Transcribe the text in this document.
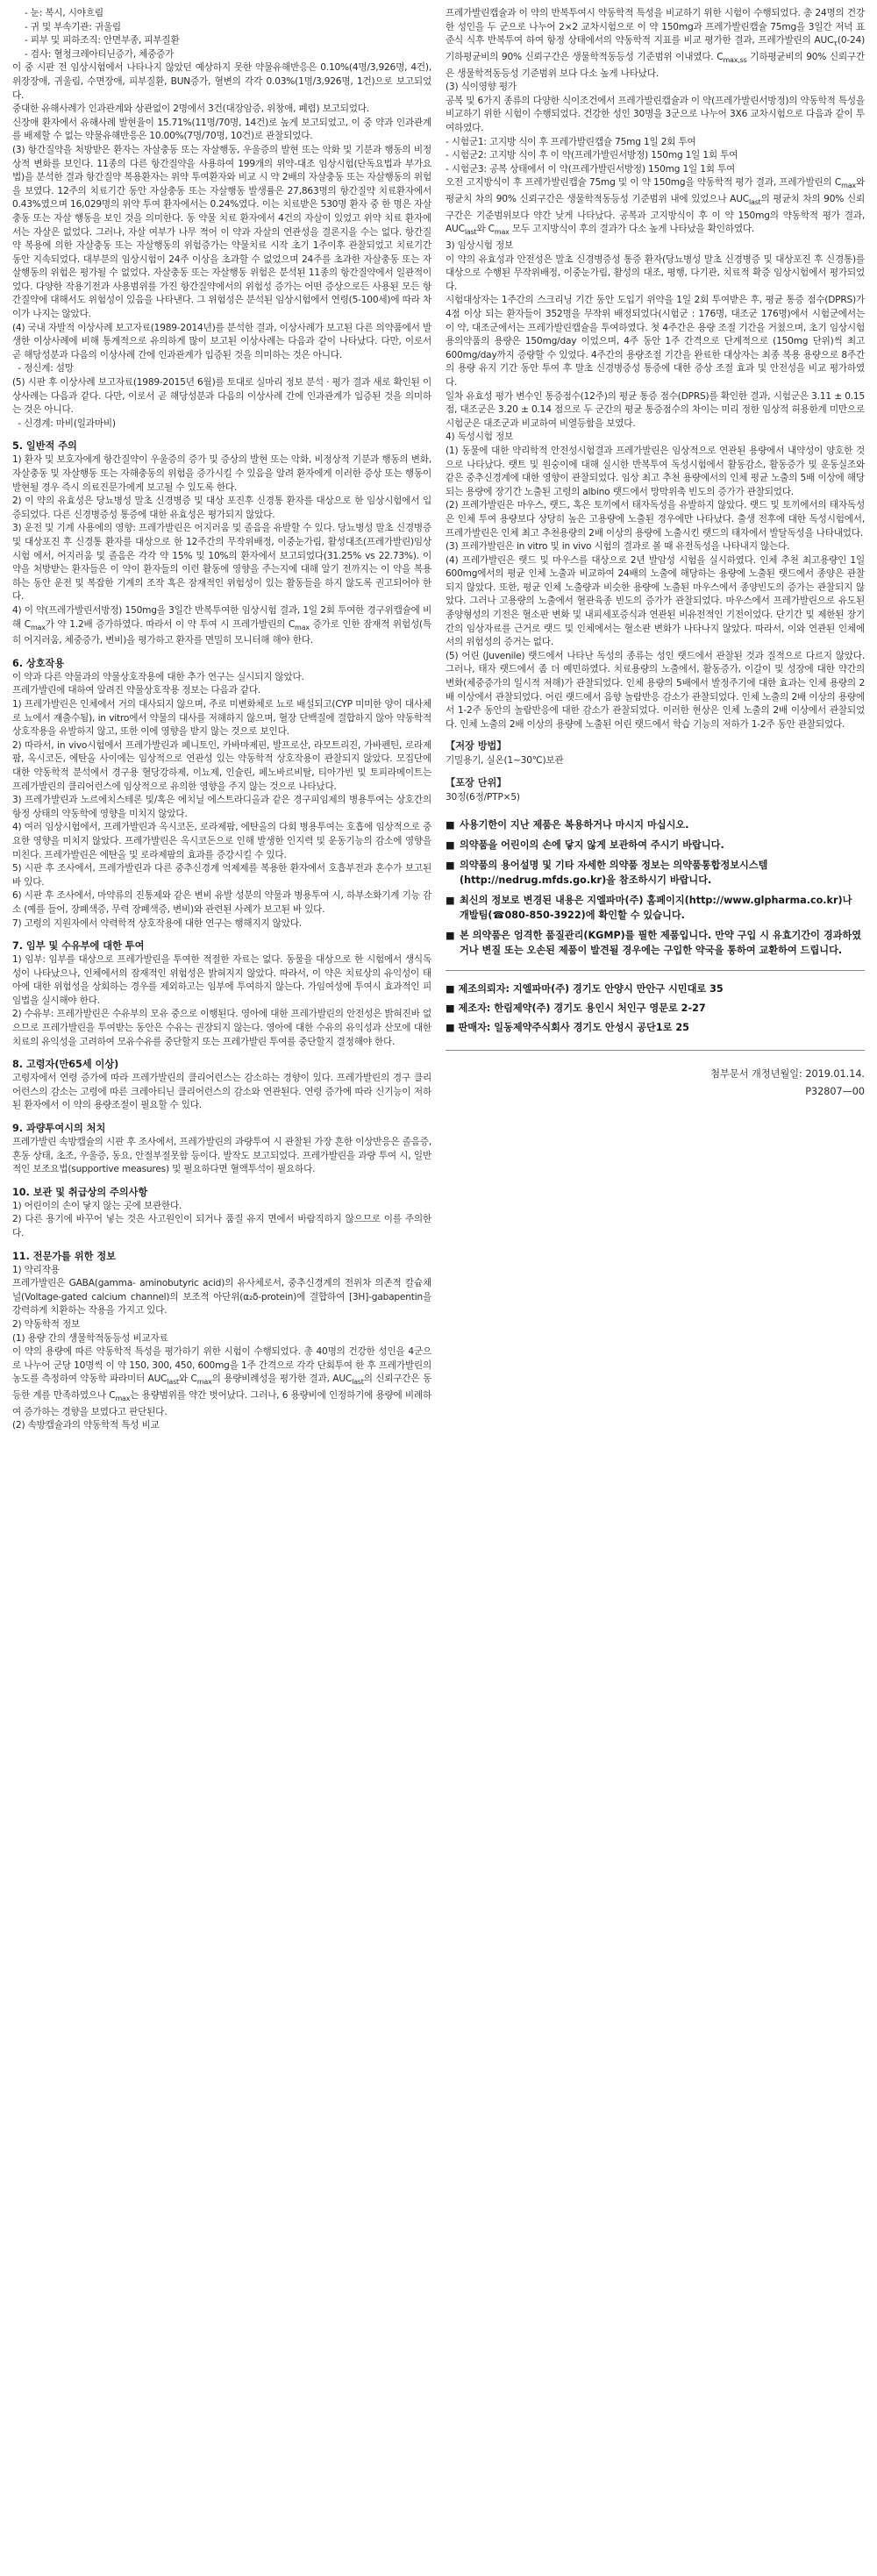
- 눈: 복시, 시야흐림

- 귀 및 부속기관: 귀울림

- 피부 및 피하조직: 안면부종, 피부질환

- 검사: 혈청크레아티닌증가, 체중증가

이 중 시판 전 임상시험에서 나타나지 않았던 예상하지 못한 약물유해반응은 0.10%(4명/3,926명, 4건), 위장장애, 귀울림, 수면장애, 피부질환, BUN증가, 혈변의 각각 0.03%(1명/3,926명, 1건)으로 보고되었다.
중대한 유해사례가 인과관계와 상관없이 2명에서 3건(대장암증, 위창애, 폐렴) 보고되었다.
신장애 환자에서 유해사례 발현율이 15.71%(11명/70명, 14건)로 높게 보고되었고, 이 중 약과 인과관계를 배제할 수 없는 약물유해반응은 10.00%(7명/70명, 10건)로 관찰되었다.

(3) 항간질약을 처방받은 환자는 자살충동 또는 자살행동, 우울증의 발현 또는 악화 및 기분과 행동의 비정상적 변화를 보인다. 11종의 다른 항간질약을 사용하여 199개의 위약-대조 임상시험(단독요법과 부가요법)을 분석한 결과 항간질약 복용환자는 위약 투여환자와 비교 시 약 2배의 자살충동 또는 자살행동의 위험을 보였다. 12주의 치료기간 동안 자살충동 또는 자살행동 발생률은 27,863명의 항간질약 치료환자에서 0.43%였으며 16,029명의 위약 투여 환자에서는 0.24%였다. 이는 치료받은 530명 환자 중 한 명은 자살 충동 또는 자살 행동을 보인 것을 의미한다. 동 약물 치료 환자에서 4건의 자살이 있었고 위약 치료 환자에서는 자살은 없었다. 그러나, 자살 여부가 나무 적어 이 약과 자살의 연관성을 결론지을 수는 없다. 항간질약 복용에 의한 자살충동 또는 자살행동의 위험증가는 약물치료 시작 초기 1주이후 관찰되었고 치료기간 동안 지속되었다. 대부분의 임상시험이 24주 이상을 초과할 수 없었으며 24주를 초과한 자살충동 또는 자살행동의 위험은 평가될 수 없었다. 자살충동 또는 자살행동 위험은 분석된 11종의 항간질약에서 일관적이었다. 다양한 작용기전과 사용범위를 가진 항간질약에서의 위험성 증가는 어떤 증상으로든 사용된 모든 항간질약에 대해서도 위험성이 있음을 나타낸다. 그 위험성은 분석된 임상시험에서 연령(5-100세)에 따라 차이가 나지는 않았다.

(4) 국내 자발적 이상사례 보고자료(1989-2014년)를 분석한 결과, 이상사례가 보고된 다른 의약품에서 발생한 이상사례에 비해 통계적으로 유의하게 많이 보고된 이상사례는 다음과 같이 나타났다. 다만, 이로서 곧 해당성분과 다음의 이상사례 간에 인과관계가 입증된 것을 의미하는 것은 아니다.
- 정신계: 섬망

(5) 시판 후 이상사례 보고자료(1989-2015년 6월)를 토대로 실마리 정보 분석 · 평가 결과 새로 확인된 이상사례는 다음과 같다. 다만, 이로서 곧 해당성분과 다음의 이상사례 간에 인과관계가 입증된 것을 의미하는 것은 아니다.
- 신경계: 마비(일과마비)

5. 일반적 주의

1) 환자 및 보호자에게 항간질약이 우울증의 증가 및 증상의 발현 또는 악화, 비정상적 기분과 행동의 변화, 자살충동 및 자살행동 또는 자해충동의 위험을 증가시킬 수 있음을 알려 환자에게 이러한 증상 또는 행동이 발현될 경우 즉시 의료진문가에게 보고될 수 있도록 한다.

2) 이 약의 유효성은 당뇨병성 말초 신경병증 및 대상 포진후 신경통 환자를 대상으로 한 임상시험에서 입증되었다. 다른 신경병증성 통증에 대한 유효성은 평가되지 않았다.

3) 운전 및 기계 사용에의 영향: 프레가발린은 어지러움 및 졸음을 유발할 수 있다. 당뇨병성 말초 신경병증 및 대상포진 후 신경통 환자를 대상으로 한 12주간의 무작위배정, 이중눈가림, 활성대조(프레가발린)임상시험 에서, 어지러움 및 졸음은 각각 약 15% 및 10%의 환자에서 보고되었다(31.25% vs 22.73%). 이 약을 처방받는 환자들은 이 약이 환자들의 이런 활동에 영향을 주는지에 대해 알기 전까지는 이 약을 복용하는 동안 운전 및 복잡한 기계의 조작 혹은 잠재적인 위험성이 있는 활동들을 하지 않도록 권고되어야 한다.

4) 이 약(프레가발린서방정) 150mg을 3일간 반복투여한 임상시험 결과, 1일 2회 투여한 경구위캡슐에 비해 $C_{max}$가 약 1.2배 증가하였다. 따라서 이 약 투여 시 프레가발린의 $C_{max}$ 증가로 인한 잠재적 위험성(특히 어지러움, 체중증가, 변비)을 평가하고 환자를 면밀히 모니터해 해야 한다.

6. 상호작용

이 약과 다른 약물과의 약물상호작용에 대한 추가 연구는 실시되지 않았다.
프레가발린에 대하여 알려진 약물상호작용 정보는 다음과 같다.

1) 프레가발린은 인체에서 거의 대사되지 않으며, 주로 미변화체로 뇨로 배설되고(CYP 미미한 양이 대사체로 뇨에서 재출수됨), in vitro에서 약물의 대사를 저해하지 않으며, 혈장 단백질에 결합하지 않아 약동학적 상호작용을 유발하지 않고, 또한 이에 영향을 받지 않는 것으로 보인다.

2) 따라서, in vivo시험에서 프레가발린과 페니토인, 카바마제핀, 발프로산, 라모트리진, 가바펜틴, 로라제팜, 옥시코돈, 에탄올 사이에는 임상적으로 연관성 있는 약동학적 상호작용이 관찰되지 않았다. 모집단에 대한 약동학적 분석에서 경구용 혈당강하제, 이뇨제, 인슐린, 페노바르비탈, 티아가빈 및 토피라메이트는 프레가발린의 클리어런스에 임상적으로 유의한 영향을 주지 않는 것으로 나타났다.

3) 프레가발린과 노르에치스테론 및/혹은 에치닐 에스트라디올과 같은 경구피임제의 병용투여는 상호간의 항정 상태의 약동학에 영향을 미치지 않았다.

4) 여러 임상시험에서, 프레가발린과 옥시코돈, 로라제팜, 에탄올의 다회 병용투여는 호흡에 임상적으로 중요한 영향을 미치지 않았다. 프레가발린은 옥시코돈으로 인해 발생한 인지력 및 운동기능의 감소에 영향을 미친다. 프레가발린은 에탄올 및 로라제팜의 효과를 증강시킬 수 있다.

5) 시판 후 조사에서, 프레가발린과 다른 중추신경계 억제제를 복용한 환자에서 호흡부전과 혼수가 보고된 바 있다.

6) 시판 후 조사에서, 마약류의 진통제와 같은 변비 유발 성분의 약물과 병용투여 시, 하부소화기계 기능 감소 (예를 들어, 장폐색증, 무력 장폐색증, 변비)와 관련된 사례가 보고된 바 있다.

7) 고령의 지원자에서 약력학적 상호작용에 대한 연구는 행해지지 않았다.

7. 임부 및 수유부에 대한 투여

1) 임부: 임부를 대상으로 프레가발린을 투여한 적절한 자료는 없다. 동물을 대상으로 한 시험에서 생식독성이 나타났으나, 인체에서의 잠재적인 위험성은 밝혀지지 않았다. 따라서, 이 약은 치료상의 유익성이 태아에 대한 위험성을 상회하는 경우를 제외하고는 임부에 투여하지 않는다. 가임여성에 투여시 효과적인 피임법을 실시해야 한다.

2) 수유부: 프레가발린은 수유부의 모유 중으로 이행된다. 영아에 대한 프레가발린의 안전성은 밝혀진바 없으므로 프레가발린을 투여받는 동안은 수유는 권장되지 않는다. 영아에 대한 수유의 유익성과 산모에 대한 치료의 유익성을 고려하여 모유수유를 중단할지 또는 프레가발린 투여를 중단할지 결정해야 한다.

8. 고령자(만65세 이상)

고령자에서 연령 증가에 따라 프레가발린의 클리어런스는 감소하는 경향이 있다. 프레가발린의 경구 클리어런스의 감소는 고령에 따른 크레아티닌 클리어런스의 감소와 연관된다. 연령 증가에 따라 신기능이 저하된 환자에서 이 약의 용량조절이 필요할 수 있다.

9. 과량투여시의 처치

프레가발린 속방캡슐의 시판 후 조사에서, 프레가발린의 과량투여 시 관찰된 가장 흔한 이상반응은 졸음증, 혼동 상태, 초조, 우울증, 동요, 안절부절못함 등이다. 발작도 보고되었다. 프레가발린을 과량 투여 시, 일반적인 보조요법(supportive measures) 및 필요하다면 혈액투석이 필요하다.

10. 보관 및 취급상의 주의사항

1) 어린이의 손이 닿지 않는 곳에 보관한다.

2) 다른 용기에 바꾸어 넣는 것은 사고원인이 되거나 품질 유지 면에서 바람직하지 않으므로 이를 주의한다.

11. 전문가를 위한 정보

1) 약리작용

프레가발린은 GABA(gamma- aminobutyric acid)의 유사체로서, 중추신경계의 전위차 의존적 칼슘채널(Voltage-gated calcium channel)의 보조적 아단위(α₂δ-protein)에 결합하여 [3H]-gabapentin을 강력하게 치환하는 작용을 가지고 있다.

2) 약동학적 정보

(1) 용량 간의 생물학적동등성 비교자료

이 약의 용량에 따른 약동학적 특성을 평가하기 위한 시험이 수행되었다. 총 40명의 건강한 성인을 4군으로 나누어 군당 10명씩 이 약 150, 300, 450, 600mg을 1주 간격으로 각각 단회투여 한 후 프레가발린의 농도를 측정하여 약동학 파라미터 $AUC_{last}$와 $C_{max}$의 용량비례성을 평가한 결과, $AUC_{last}$의 신뢰구간은 동등한 계를 만족하였으나 $C_{max}$는 용량범위를 약간 벗어났다. 그러나, 6 용량비에 인정하기에 용량에 비례하여 증가하는 경향을 보였다고 판단된다.

(2) 속방캡슐과의 약동학적 특성 비교

프레가발린캡슐과 이 약의 반복투여시 약동학적 특성을 비교하기 위한 시험이 수행되었다. 총 24명의 건강한 성인을 두 군으로 나누어 2×2 교차시험으로 이 약 150mg과 프레가발린캡슐 75mg을 3일간 저녁 표준식 식후 반복투여 하여 항정 상태에서의 약동학적 지표를 비교 평가한 결과, 프레가발린의 $AUC_\tau(0-24)$ 기하평균비의 90% 신뢰구간은 생물학적동등성 기준범위 이내였다. $C_{max,ss}$ 기하평균비의 90% 신뢰구간은 생물학적동등성 기준범위 보다 다소 높게 나타났다.

(3) 식이영향 평가

공복 및 6가지 종류의 다양한 식이조건에서 프레가발린캡슐과 이 약(프레가발린서방정)의 약동학적 특성을 비교하기 위한 시험이 수행되었다. 건강한 성인 30명을 3군으로 나누어 3X6 교차시험으로 다음과 같이 투여하였다.

- 시험군1: 고지방 식이 후 프레가발린캡슐 75mg 1일 2회 투여

- 시험군2: 고지방 식이 후 이 약(프레가발린서방정) 150mg 1일 1회 투여

- 시험군3: 공복 상태에서 이 약(프레가발린서방정) 150mg 1일 1회 투여

오전 고지방식이 후 프레가발린캡슐 75mg 및 이 약 150mg을 약동학적 평가 결과, 프레가발린의 $C_{max}$와 평균치 차의 90% 신뢰구간은 생물학적동등성 기준범위 내에 있었으나 $AUC_{last}$의 평균치 차의 90% 신뢰구간은 기준범위보다 약간 낮게 나타났다. 공복과 고지방식이 후 이 약 150mg의 약동학적 평가 결과, $AUC_{last}$와 $C_{max}$ 모두 고지방식이 후의 결과가 다소 높게 나타났을 확인하였다.

3) 임상시험 정보

이 약의 유효성과 안전성은 말초 신경병증성 통증 환자(당뇨병성 말초 신경병증 및 대상포진 후 신경통)를 대상으로 수행된 무작위배정, 이중눈가림, 활성의 대조, 평행, 다기관, 치료적 확증 임상시험에서 평가되었다.
시험대상자는 1주간의 스크리닝 기간 동안 도입기 위약을 1일 2회 투여받은 후, 평균 통증 점수(DPRS)가 4점 이상 되는 환자들이 352명을 무작위 배정되었다(시험군 : 176명, 대조군 176명)에서 시험군에서는 이 약, 대조군에서는 프레가발린캡슐을 투여하였다. 첫 4주간은 용량 조절 기간을 거쳤으며, 초기 임상시험용의약품의 용량은 150mg/day 이었으며, 4주 동안 1주 간격으로 단계적으로 (150mg 단위)씩 최고 600mg/day까지 증량할 수 있었다. 4주간의 용량조절 기간을 완료한 대상자는 최종 복용 용량으로 8주간의 용량 유지 기간 동안 투여 후 말초 신경병증성 통증에 대한 증상 조절 효과 및 안전성을 비교 평가하였다.
일차 유효성 평가 변수인 통증점수(12주)의 평균 통증 점수(DPRS)를 확인한 결과, 시험군은 3.11 ± 0.15 점, 대조군은 3.20 ± 0.14 점으로 두 군간의 평균 통증점수의 차이는 미리 정한 임상적 허용한계 미만으로 시험군은 대조군과 비교하여 비열등함을 보였다.

4) 독성시험 정보

(1) 동물에 대한 약리학적 안전성시험결과 프레가발린은 임상적으로 연관된 용량에서 내약성이 양호한 것으로 나타났다. 랫트 및 원숭이에 대해 실시한 반복투여 독성시험에서 활동감소, 활동증가 및 운동실조와 같은 중추신경계에 대한 영향이 관찰되었다. 임상 최고 추천 용량에서의 인체 평균 노출의 5배 이상에 해당되는 용량에 장기간 노출된 고령의 albino 랫드에서 망막위축 빈도의 증가가 관찰되었다.

(2) 프레가발린은 마우스, 랫드, 혹은 토끼에서 태자독성을 유발하지 않았다. 랫드 및 토끼에서의 태자독성은 인체 투여 용량보다 상당히 높은 고용량에 노출된 경우에만 나타났다. 출생 전후에 대한 독성시험에서, 프레가발린은 인체 최고 추천용량의 2배 이상의 용량에 노출시킨 랫드의 태자에서 발달독성을 나타내었다.

(3) 프레가발린은 in vitro 및 in vivo 시험의 결과로 볼 때 유전독성을 나타내지 않는다.

(4) 프레가발린은 랫드 및 마우스를 대상으로 2년 발암성 시험을 실시하였다. 인체 추천 최고용량인 1일 600mg에서의 평균 인체 노출과 비교하여 24배의 노출에 해당하는 용량에 노출된 랫드에서 종양은 관찰되지 않았다. 또한, 평균 인체 노출량과 비슷한 용량에 노출된 마우스에서 종양빈도의 증가는 관찰되지 않았다. 그러나 고용량의 노출에서 혈관육종 빈도의 증가가 관찰되었다. 마우스에서 프레가발린으로 유도된 종양형성의 기전은 혈소판 변화 및 내피세포증식과 연관된 비유전적인 기전이었다. 단기간 및 제한된 장기간의 임상자료를 근거로 랫드 및 인체에서는 혈소판 변화가 나타나지 않았다. 따라서, 이와 연관된 인체에서의 위험성의 증거는 없다.

(5) 어린 (Juvenile) 랫드에서 나타난 독성의 종류는 성인 랫드에서 관찰된 것과 질적으로 다르지 않았다. 그러나, 태자 랫드에서 좀 더 예민하였다. 치료용량의 노출에서, 활동증가, 이갈이 및 성장에 대한 약간의 변화(체중증가의 일시적 저해)가 관찰되었다. 인체 용량의 5배에서 발정주기에 대한 효과는 인체 용량의 2배 이상에서 관찰되었다. 어린 랫드에서 음향 놀람반응 감소가 관찰되었다. 인체 노출의 2배 이상의 용량에서 1-2주 동안의 놀람반응에 대한 감소가 관찰되었다. 이러한 현상은 인체 노출의 2배 이상에서 관찰되었다. 인체 노출의 2배 이상의 용량에 노출된 어린 랫드에서 학습 기능의 저하가 1-2주 동안 관찰되었다.

【저장 방법】
기밀용기, 실온(1~30℃)보관
【포장 단위】
30정(6정/PTP×5)
■ 사용기한이 지난 제품은 복용하거나 마시지 마십시오.
■ 의약품을 어린이의 손에 닿지 않게 보관하여 주시기 바랍니다.
■ 의약품의 용어설명 및 기타 자세한 의약품 정보는 의약품통합정보시스템(http://nedrug.mfds.go.kr)을 참조하시기 바랍니다.
■ 최신의 정보로 변경된 내용은 지엘파마(주) 홈페이지(http://www.glpharma.co.kr)나 개발팀(☎080-850-3922)에 확인할 수 있습니다.
■ 본 의약품은 엄격한 품질관리(KGMP)를 필한 제품입니다. 만약 구입 시 유효기간이 경과하였거나 변질 또는 오손된 제품이 발견될 경우에는 구입한 약국을 통하여 교환하여 드립니다.

■ 제조의뢰자: 지엘파마(주) 경기도 안양시 만안구 시민대로 35

■ 제조자: 한림제약(주) 경기도 용인시 처인구 영문로 2-27

■ 판매자: 일동제약주식회사 경기도 안성시 공단1로 25

첨부문서 개정년월일: 2019.01.14.

P32807—00
